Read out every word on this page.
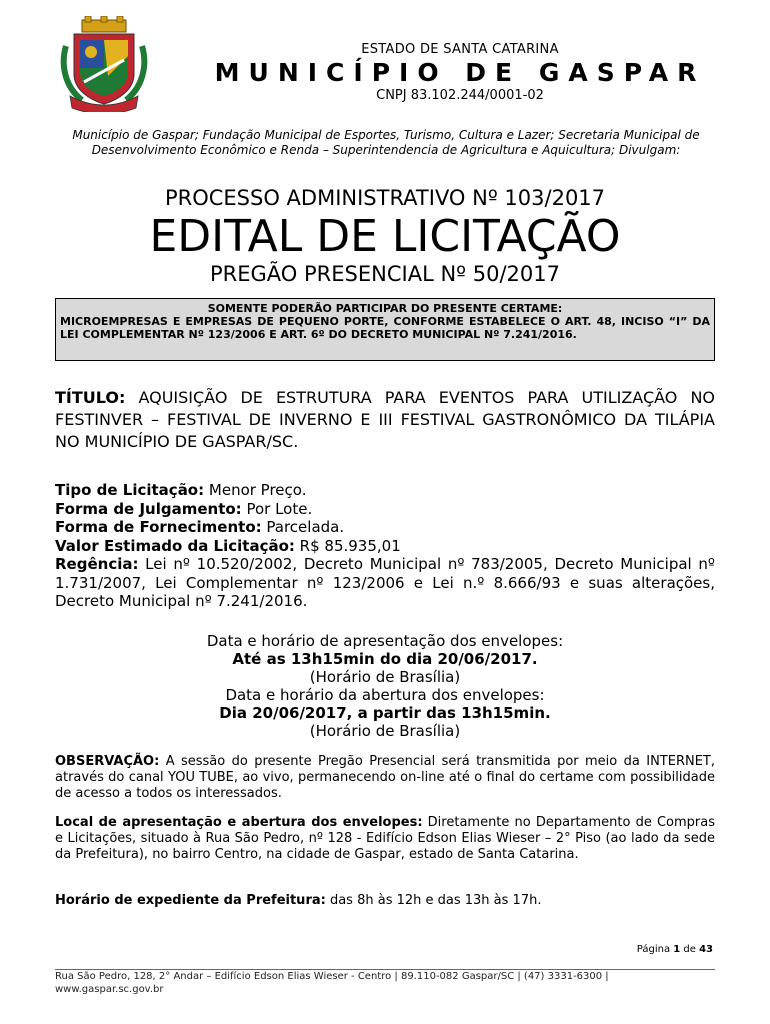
ESTADO DE SANTA CATARINA
MUNICÍPIO DE GASPAR
CNPJ 83.102.244/0001-02
Município de Gaspar; Fundação Municipal de Esportes, Turismo, Cultura e Lazer; Secretaria Municipal de Desenvolvimento Econômico e Renda – Superintendencia de Agricultura e Aquicultura; Divulgam:
PROCESSO ADMINISTRATIVO Nº 103/2017
EDITAL DE LICITAÇÃO
PREGÃO PRESENCIAL Nº 50/2017
SOMENTE PODERÃO PARTICIPAR DO PRESENTE CERTAME:
MICROEMPRESAS E EMPRESAS DE PEQUENO PORTE, CONFORME ESTABELECE O ART. 48, INCISO “I” DA LEI COMPLEMENTAR Nº 123/2006 E ART. 6º DO DECRETO MUNICIPAL Nº 7.241/2016.
TÍTULO: AQUISIÇÃO DE ESTRUTURA PARA EVENTOS PARA UTILIZAÇÃO NO FESTINVER – FESTIVAL DE INVERNO E III FESTIVAL GASTRONÔMICO DA TILÁPIA NO MUNICÍPIO DE GASPAR/SC.
Tipo de Licitação: Menor Preço.
Forma de Julgamento: Por Lote.
Forma de Fornecimento: Parcelada.
Valor Estimado da Licitação: R$ 85.935,01
Regência: Lei nº 10.520/2002, Decreto Municipal nº 783/2005, Decreto Municipal nº 1.731/2007, Lei Complementar nº 123/2006 e Lei n.º 8.666/93 e suas alterações, Decreto Municipal nº 7.241/2016.
Data e horário de apresentação dos envelopes:
Até as 13h15min do dia 20/06/2017.
(Horário de Brasília)
Data e horário da abertura dos envelopes:
Dia 20/06/2017, a partir das 13h15min.
(Horário de Brasília)
OBSERVAÇÃO: A sessão do presente Pregão Presencial será transmitida por meio da INTERNET, através do canal YOU TUBE, ao vivo, permanecendo on-line até o final do certame com possibilidade de acesso a todos os interessados.
Local de apresentação e abertura dos envelopes: Diretamente no Departamento de Compras e Licitações, situado à Rua São Pedro, nº 128 - Edifício Edson Elias Wieser – 2° Piso (ao lado da sede da Prefeitura), no bairro Centro, na cidade de Gaspar, estado de Santa Catarina.
Horário de expediente da Prefeitura: das 8h às 12h e das 13h às 17h.
Página 1 de 43
Rua São Pedro, 128, 2° Andar – Edifício Edson Elias Wieser - Centro | 89.110-082 Gaspar/SC | (47) 3331-6300 |
www.gaspar.sc.gov.br
